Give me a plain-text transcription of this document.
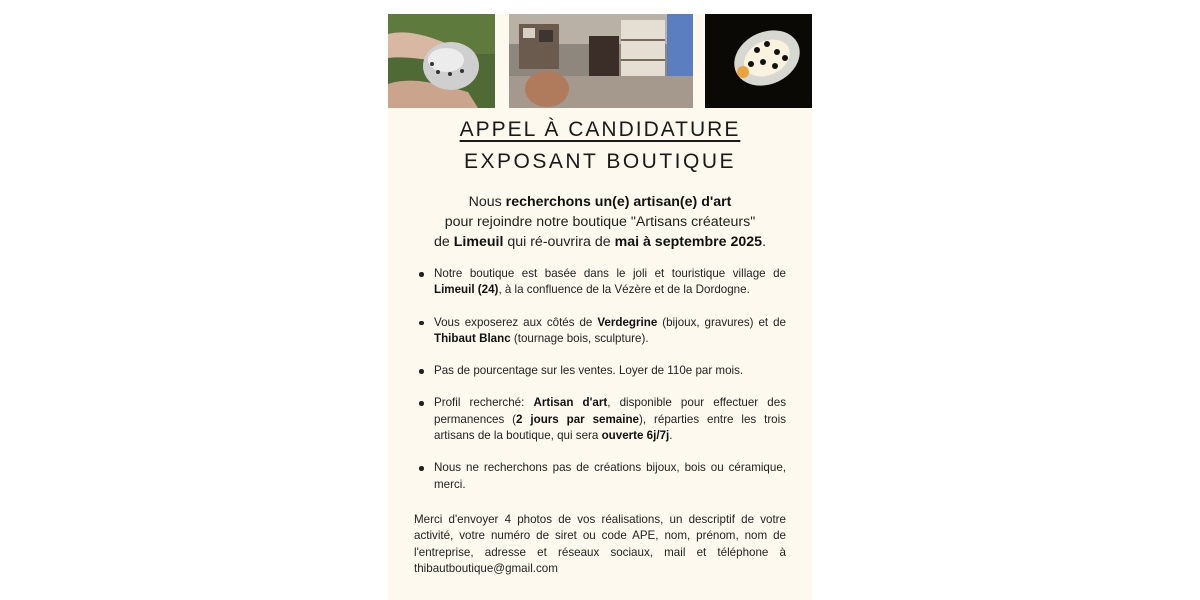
APPEL À CANDIDATURE
EXPOSANT BOUTIQUE
Nous recherchons un(e) artisan(e) d'art
pour rejoindre notre boutique "Artisans créateurs"
de Limeuil qui ré-ouvrira de mai à septembre 2025.
Notre boutique est basée dans le joli et touristique village de Limeuil (24), à la confluence de la Vézère et de la Dordogne.
Vous exposerez aux côtés de Verdegrine (bijoux, gravures) et de Thibaut Blanc (tournage bois, sculpture).
Pas de pourcentage sur les ventes. Loyer de 110e par mois.
Profil recherché: Artisan d'art, disponible pour effectuer des permanences (2 jours par semaine), réparties entre les trois artisans de la boutique, qui sera ouverte 6j/7j.
Nous ne recherchons pas de créations bijoux, bois ou céramique, merci.
Merci d'envoyer 4 photos de vos réalisations, un descriptif de votre activité, votre numéro de siret ou code APE, nom, prénom, nom de l'entreprise, adresse et réseaux sociaux, mail et téléphone à thibautboutique@gmail.com
